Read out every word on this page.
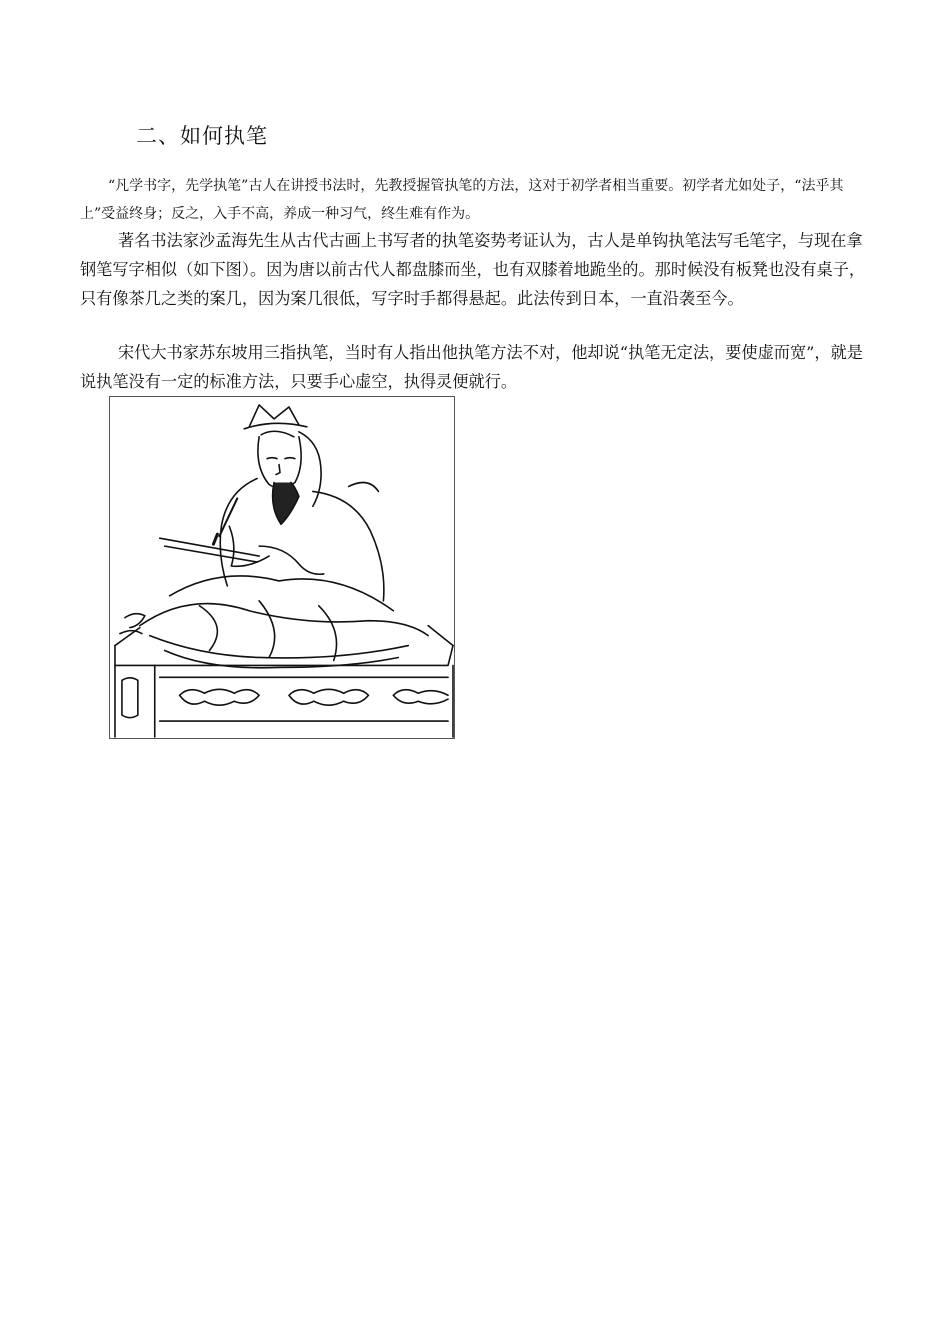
二、如何执笔

“凡学书字，先学执笔”古人在讲授书法时，先教授握管执笔的方法，这对于初学者相当重要。初学者尤如处子，“法乎其上”受益终身；反之，入手不高，养成一种习气，终生难有作为。

著名书法家沙孟海先生从古代古画上书写者的执笔姿势考证认为，古人是单钩执笔法写毛笔字，与现在拿钢笔写字相似（如下图）。因为唐以前古代人都盘膝而坐，也有双膝着地跪坐的。那时候没有板凳也没有桌子，只有像茶几之类的案几，因为案几很低，写字时手都得悬起。此法传到日本，一直沿袭至今。

宋代大书家苏东坡用三指执笔，当时有人指出他执笔方法不对，他却说“执笔无定法，要使虚而宽”，就是说执笔没有一定的标准方法，只要手心虚空，执得灵便就行。
